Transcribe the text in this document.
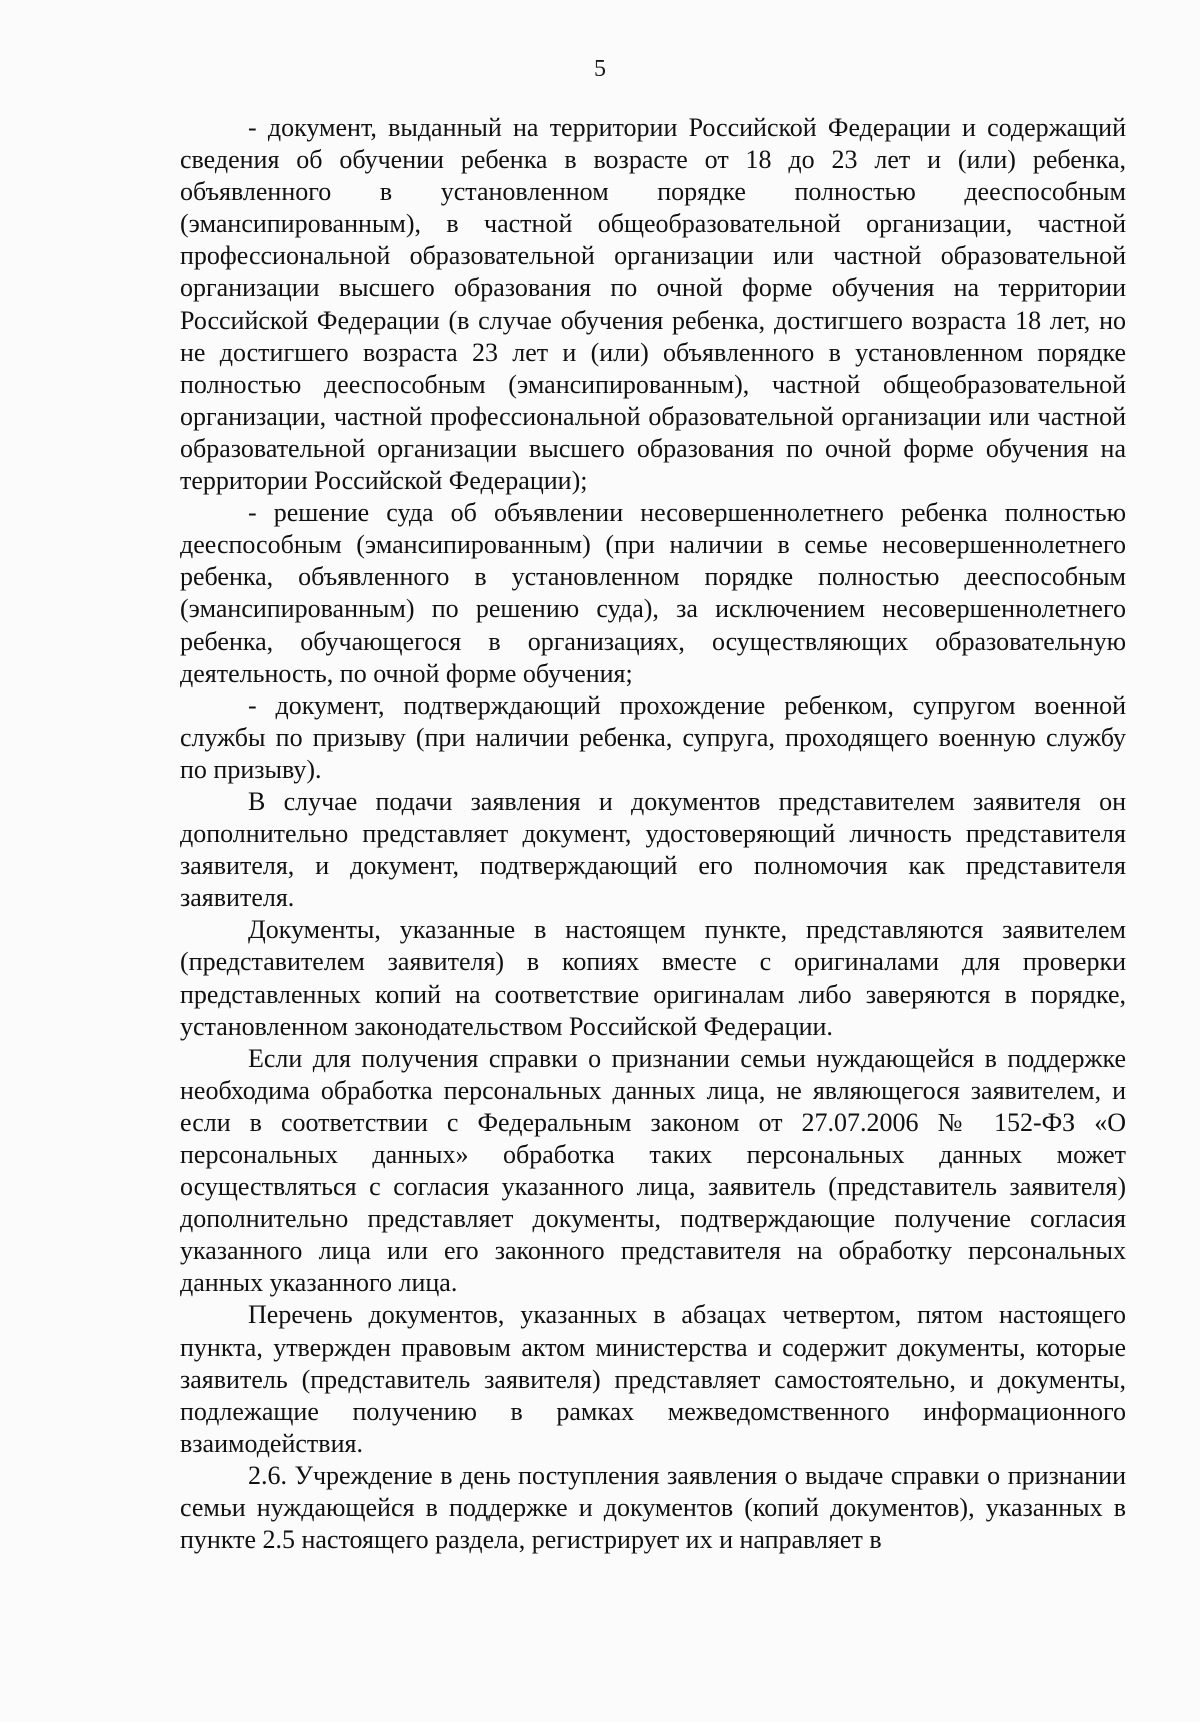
5

- документ, выданный на территории Российской Федерации и содержащий сведения об обучении ребенка в возрасте от 18 до 23 лет и (или) ребенка, объявленного в установленном порядке полностью дееспособным (эмансипированным), в частной общеобразовательной организации, частной профессиональной образовательной организации или частной образовательной организации высшего образования по очной форме обучения на территории Российской Федерации (в случае обучения ребенка, достигшего возраста 18 лет, но не достигшего возраста 23 лет и (или) объявленного в установленном порядке полностью дееспособным (эмансипированным), частной общеобразовательной организации, частной профессиональной образовательной организации или частной образовательной организации высшего образования по очной форме обучения на территории Российской Федерации);

- решение суда об объявлении несовершеннолетнего ребенка полностью дееспособным (эмансипированным) (при наличии в семье несовершеннолетнего ребенка, объявленного в установленном порядке полностью дееспособным (эмансипированным) по решению суда), за исключением несовершеннолетнего ребенка, обучающегося в организациях, осуществляющих образовательную деятельность, по очной форме обучения;

- документ, подтверждающий прохождение ребенком, супругом военной службы по призыву (при наличии ребенка, супруга, проходящего военную службу по призыву).

В случае подачи заявления и документов представителем заявителя он дополнительно представляет документ, удостоверяющий личность представителя заявителя, и документ, подтверждающий его полномочия как представителя заявителя.

Документы, указанные в настоящем пункте, представляются заявителем (представителем заявителя) в копиях вместе с оригиналами для проверки представленных копий на соответствие оригиналам либо заверяются в порядке, установленном законодательством Российской Федерации.

Если для получения справки о признании семьи нуждающейся в поддержке необходима обработка персональных данных лица, не являющегося заявителем, и если в соответствии с Федеральным законом от 27.07.2006 № 152-ФЗ «О персональных данных» обработка таких персональных данных может осуществляться с согласия указанного лица, заявитель (представитель заявителя) дополнительно представляет документы, подтверждающие получение согласия указанного лица или его законного представителя на обработку персональных данных указанного лица.

Перечень документов, указанных в абзацах четвертом, пятом настоящего пункта, утвержден правовым актом министерства и содержит документы, которые заявитель (представитель заявителя) представляет самостоятельно, и документы, подлежащие получению в рамках межведомственного информационного взаимодействия.

2.6. Учреждение в день поступления заявления о выдаче справки о признании семьи нуждающейся в поддержке и документов (копий документов), указанных в пункте 2.5 настоящего раздела, регистрирует их и направляет в
